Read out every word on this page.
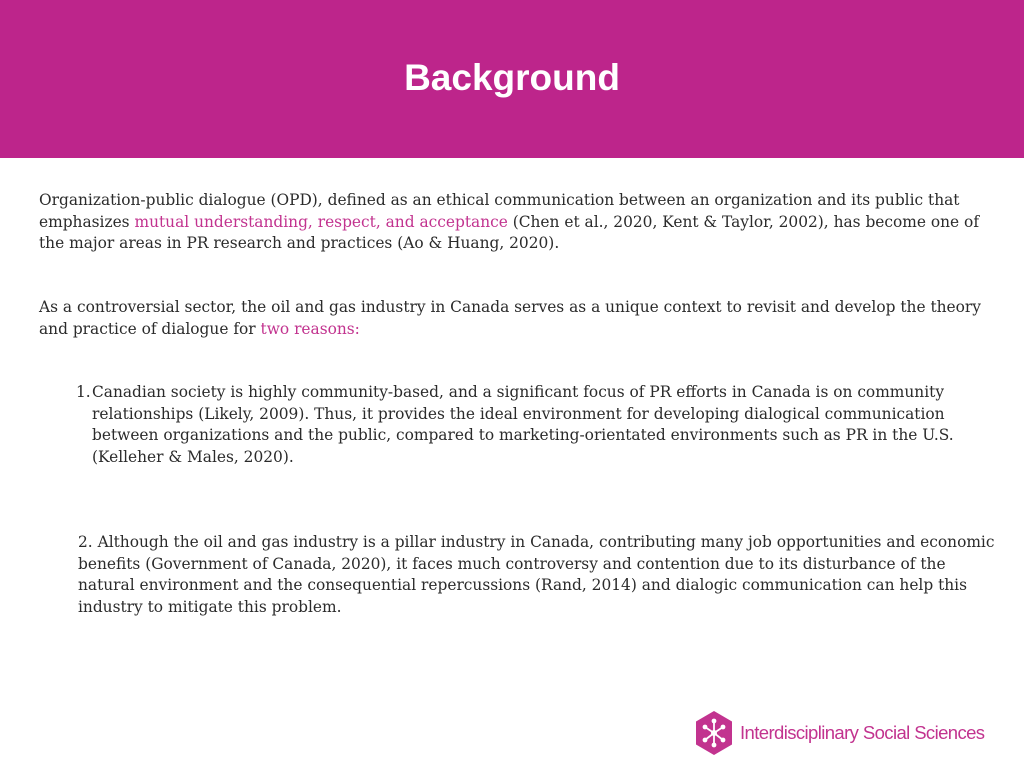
Background

Organization-public dialogue (OPD), defined as an ethical communication between an organization and its public that emphasizes mutual understanding, respect, and acceptance (Chen et al., 2020, Kent & Taylor, 2002), has become one of the major areas in PR research and practices (Ao & Huang, 2020).

As a controversial sector, the oil and gas industry in Canada serves as a unique context to revisit and develop the theory and practice of dialogue for two reasons:

1. Canadian society is highly community-based, and a significant focus of PR efforts in Canada is on community relationships (Likely, 2009). Thus, it provides the ideal environment for developing dialogical communication between organizations and the public, compared to marketing-orientated environments such as PR in the U.S. (Kelleher & Males, 2020).

2. Although the oil and gas industry is a pillar industry in Canada, contributing many job opportunities and economic benefits (Government of Canada, 2020), it faces much controversy and contention due to its disturbance of the natural environment and the consequential repercussions (Rand, 2014) and dialogic communication can help this industry to mitigate this problem.

Interdisciplinary Social Sciences
